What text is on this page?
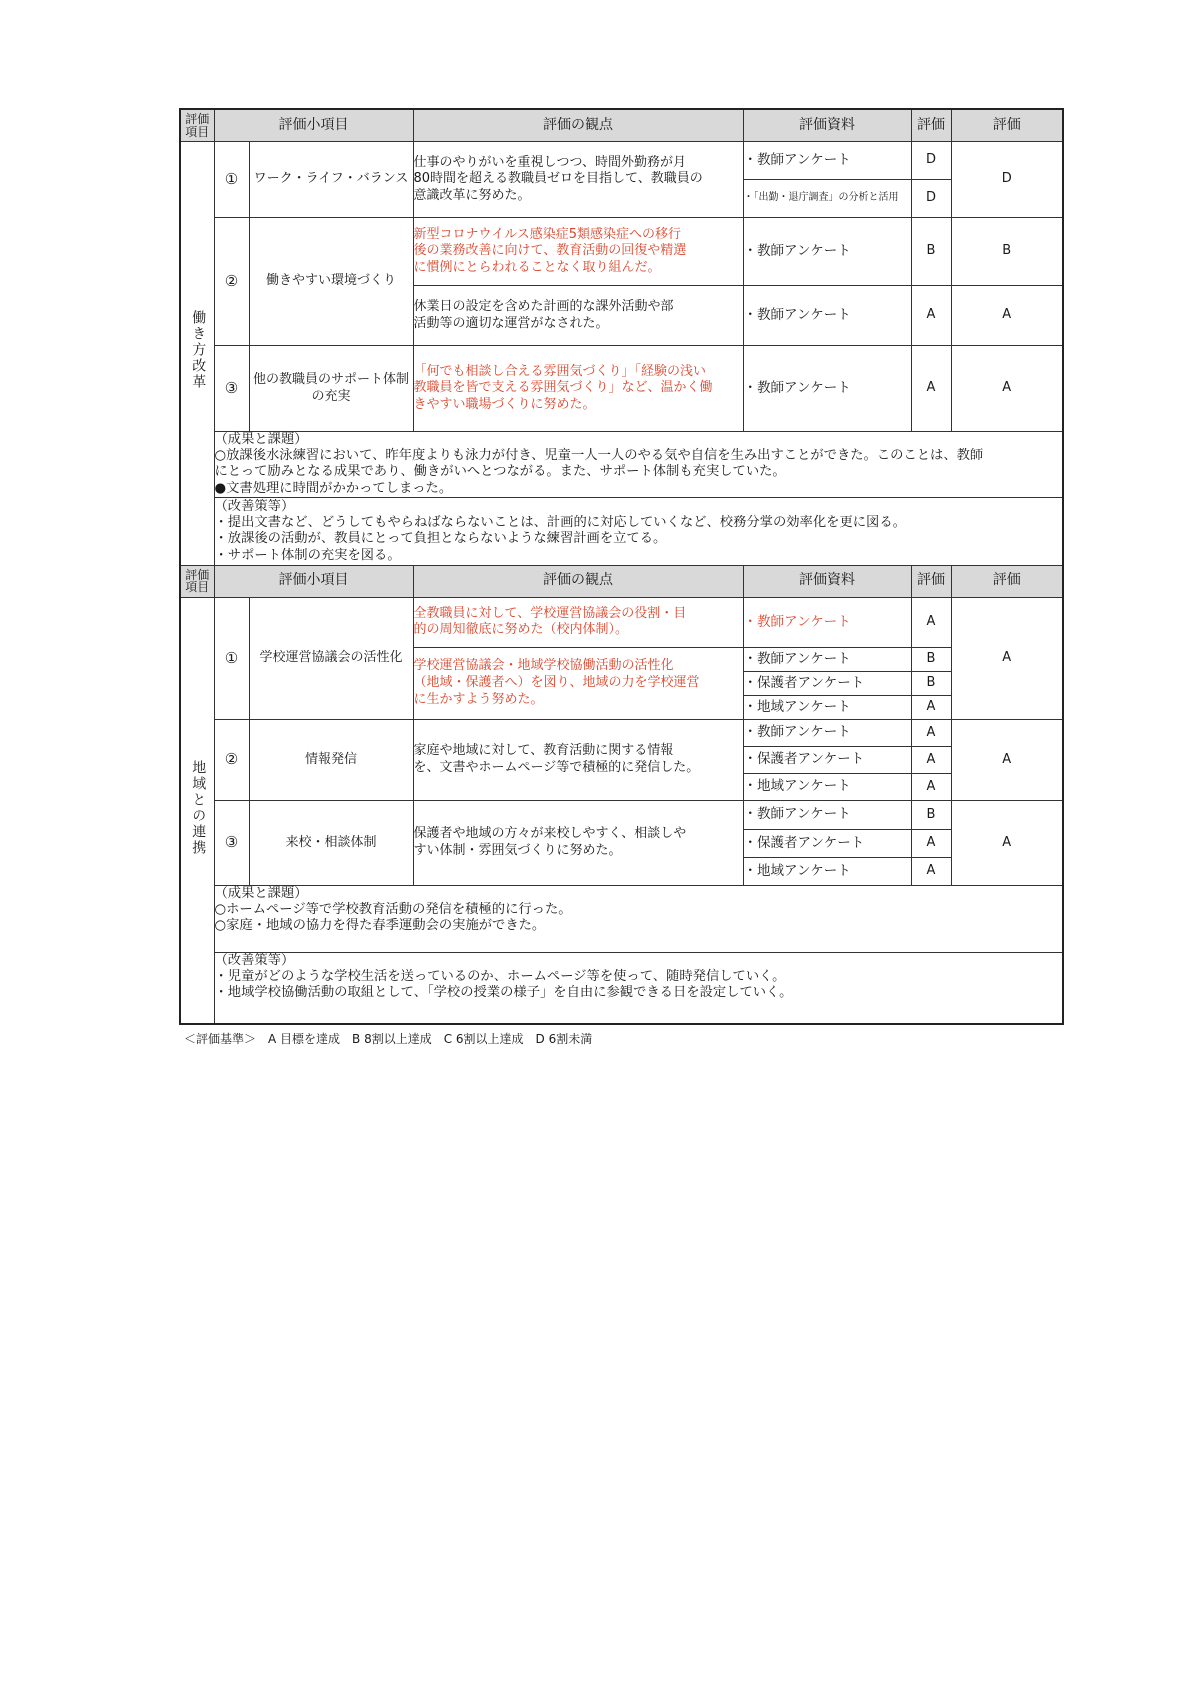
評価項目	評価小項目		評価の観点	評価資料	評価	評価
働き方改革	①	ワーク・ライフ・バランス	仕事のやりがいを重視しつつ、時間外勤務が月
80時間を超える教職員ゼロを目指して、教職員の
意識改革に努めた。	・教師アンケート	D	D
				・「出勤・退庁調査」の分析と活用	D	
	②	働きやすい環境づくり	新型コロナウイルス感染症5類感染症への移行
後の業務改善に向けて、教育活動の回復や精選
に慣例にとらわれることなく取り組んだ。	・教師アンケート	B	B

			休業日の設定を含めた計画的な課外活動や部
活動等の適切な運営がなされた。	・教師アンケート	A	A
	③	他の教職員のサポート体制の充実	「何でも相談し合える雰囲気づくり」「経験の浅い
教職員を皆で支える雰囲気づくり」など、温かく働
きやすい職場づくりに努めた。	・教師アンケート	A	A

	（成果と課題）
○放課後水泳練習において、昨年度よりも泳力が付き、児童一人一人のやる気や自信を生み出すことができた。このことは、教師
にとって励みとなる成果であり、働きがいへとつながる。また、サポート体制も充実していた。
●文書処理に時間がかかってしまった。					

	（改善策等）
・提出文書など、どうしてもやらねばならないことは、計画的に対応していくなど、校務分掌の効率化を更に図る。
・放課後の活動が、教員にとって負担とならないような練習計画を立てる。
・サポート体制の充実を図る。					

評価項目	評価小項目		評価の観点	評価資料	評価	評価
地域との連携	①	学校運営協議会の活性化	全教職員に対して、学校運営協議会の役割・目
的の周知徹底に努めた（校内体制）。	・教師アンケート	A	A

			学校運営協議会・地域学校協働活動の活性化
（地域・保護者へ）を図り、地域の力を学校運営
に生かすよう努めた。	・教師アンケート	B	
				・保護者アンケート	B	
				・地域アンケート	A	
	②	情報発信	家庭や地域に対して、教育活動に関する情報
を、文書やホームページ等で積極的に発信した。	・教師アンケート	A	A
				・保護者アンケート	A	
				・地域アンケート	A	
	③	来校・相談体制	保護者や地域の方々が来校しやすく、相談しや
すい体制・雰囲気づくりに努めた。	・教師アンケート	B	A
				・保護者アンケート	A	
				・地域アンケート	A	

	（成果と課題）
○ホームページ等で学校教育活動の発信を積極的に行った。
○家庭・地域の協力を得た春季運動会の実施ができた。					

	（改善策等）
・児童がどのような学校生活を送っているのか、ホームページ等を使って、随時発信していく。
・地域学校協働活動の取組として、「学校の授業の様子」を自由に参観できる日を設定していく。					
＜評価基準＞　A 目標を達成　B 8割以上達成　C 6割以上達成　D 6割未満
